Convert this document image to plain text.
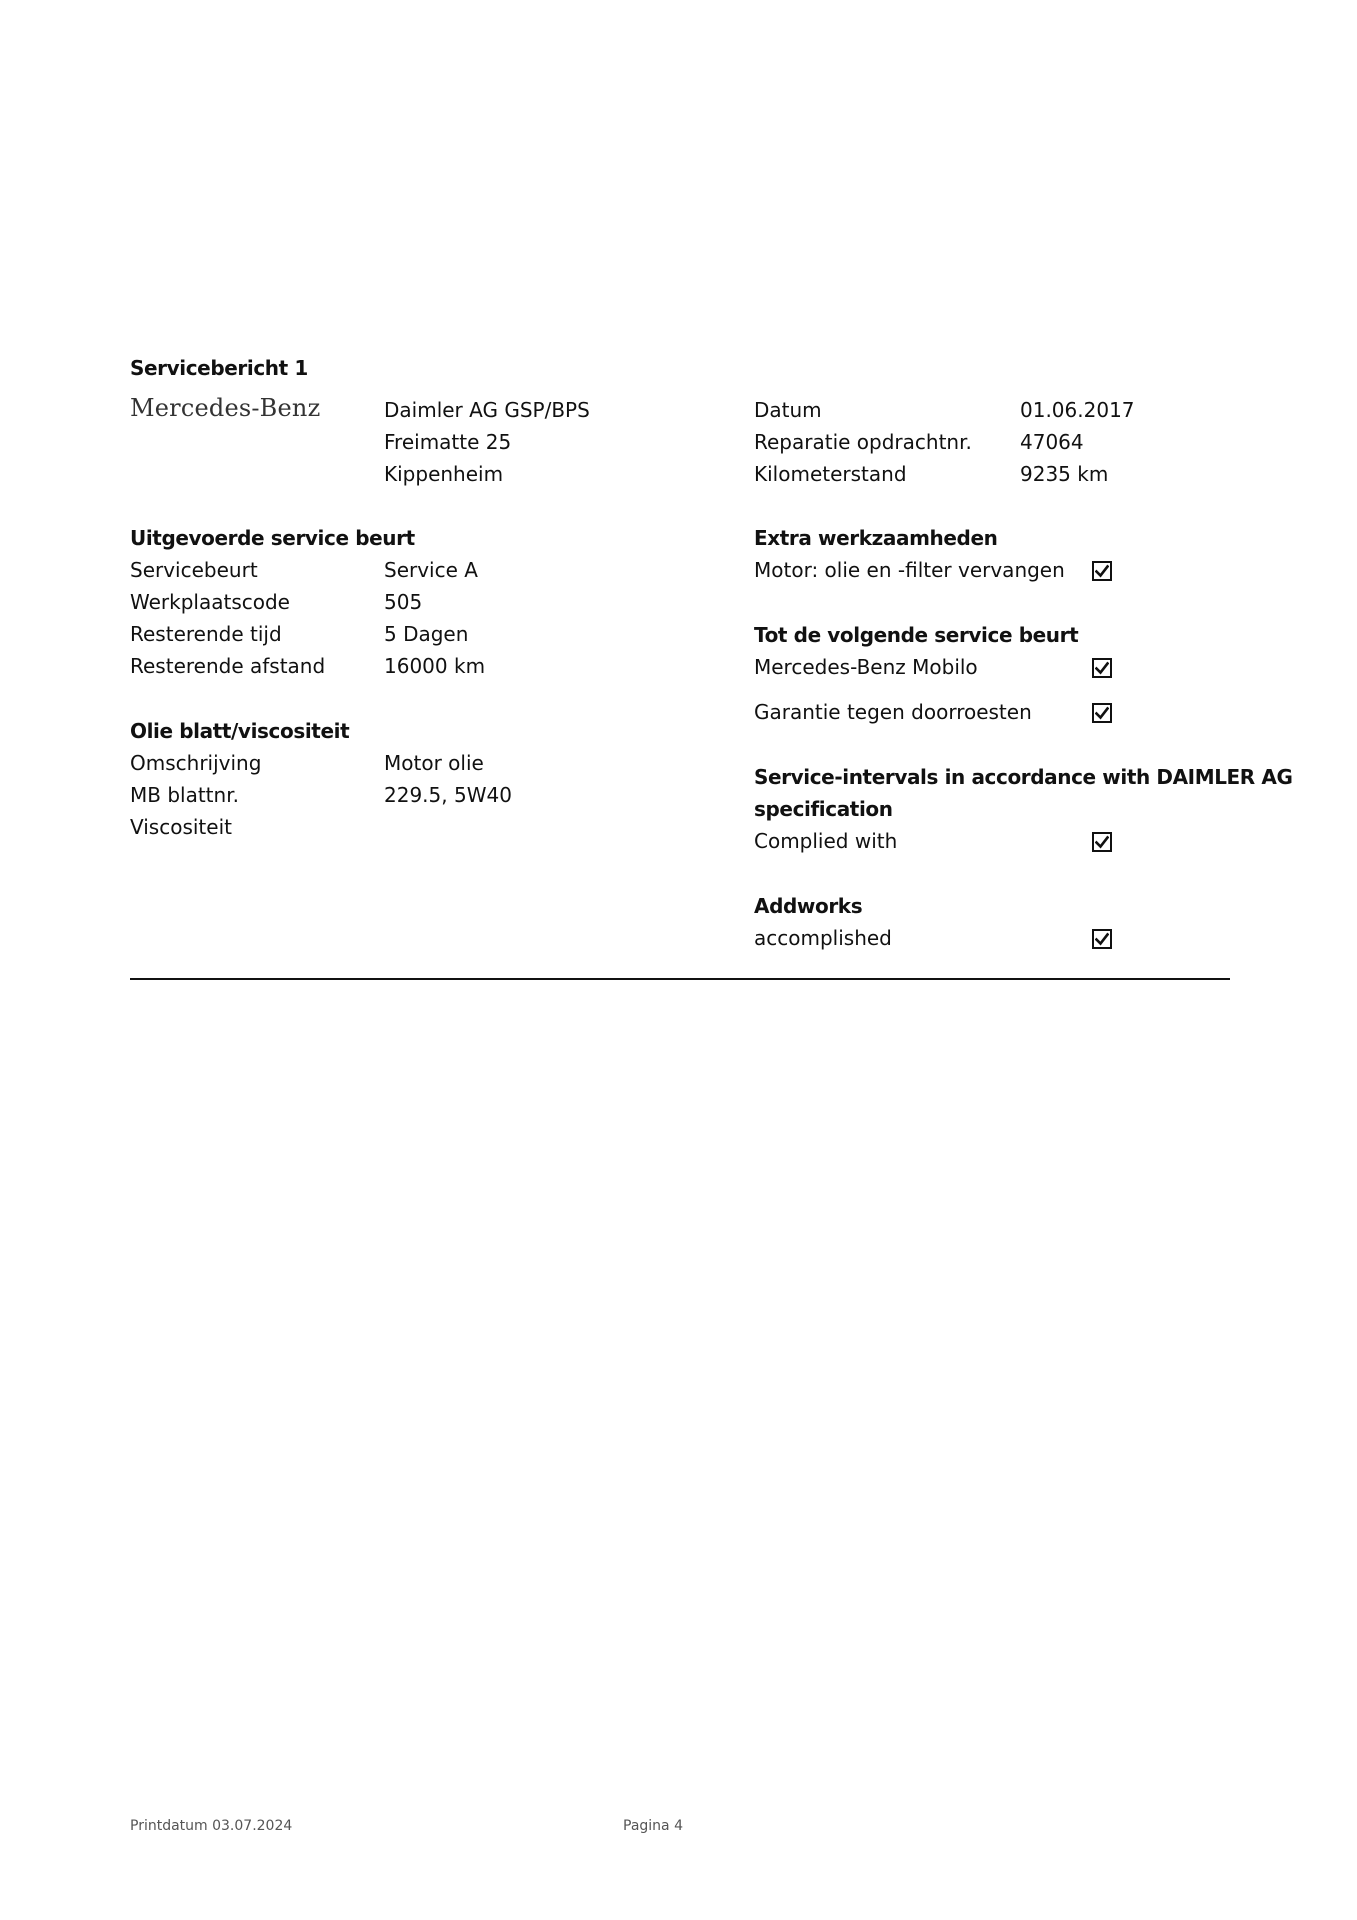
Servicebericht 1
Mercedes-Benz	Daimler AG GSP/BPS
Freimatte 25
Kippenheim
Datum	01.06.2017
Reparatie opdrachtnr. 47064
Kilometerstand	9235 km
Uitgevoerde service beurt
Servicebeurt	Service A
Werkplaatscode	505
Resterende tijd	5 Dagen
Resterende afstand	16000 km
Olie blatt/viscositeit
Omschrijving	Motor olie
MB blattnr.	229.5, 5W40
Viscositeit
Extra werkzaamheden
Motor: olie en -filter vervangen
Tot de volgende service beurt
Mercedes-Benz Mobilo
Garantie tegen doorroesten
Service-intervals in accordance with DAIMLER AG
specification
Complied with
Addworks
accomplished
Printdatum 03.07.2024	Pagina 4
